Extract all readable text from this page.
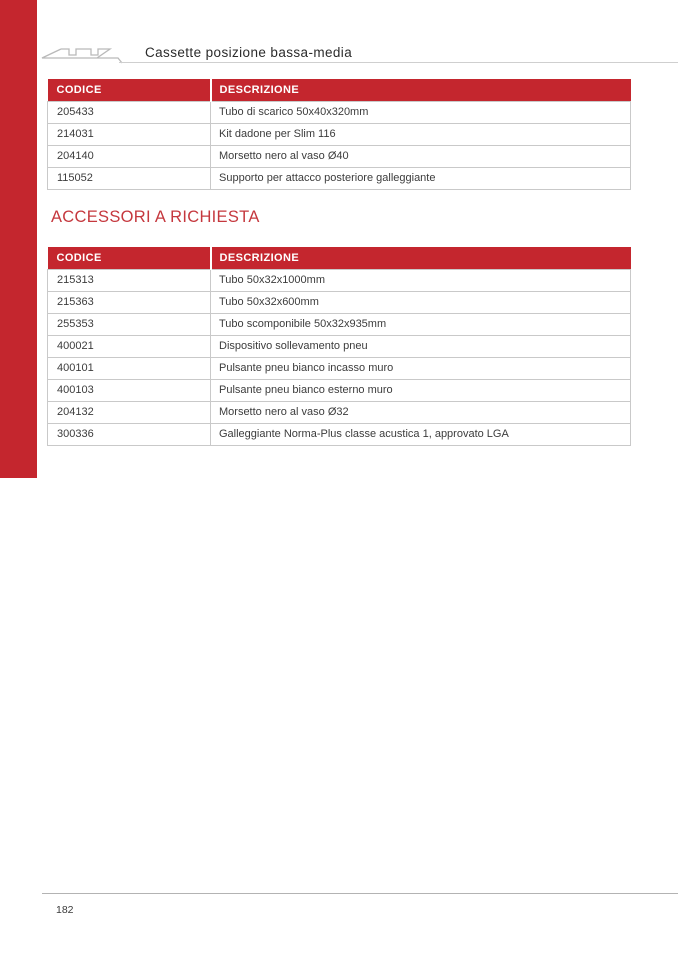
Cassette posizione bassa-media
CODICE	DESCRIZIONE
205433	Tubo di scarico 50x40x320mm
214031	Kit dadone per Slim 116
204140	Morsetto nero al vaso Ø40
115052	Supporto per attacco posteriore galleggiante
ACCESSORI A RICHIESTA
CODICE	DESCRIZIONE
215313	Tubo 50x32x1000mm
215363	Tubo 50x32x600mm
255353	Tubo scomponibile 50x32x935mm
400021	Dispositivo sollevamento pneu
400101	Pulsante pneu bianco incasso muro
400103	Pulsante pneu bianco esterno muro
204132	Morsetto nero al vaso Ø32
300336	Galleggiante Norma-Plus classe acustica 1, approvato LGA
182
